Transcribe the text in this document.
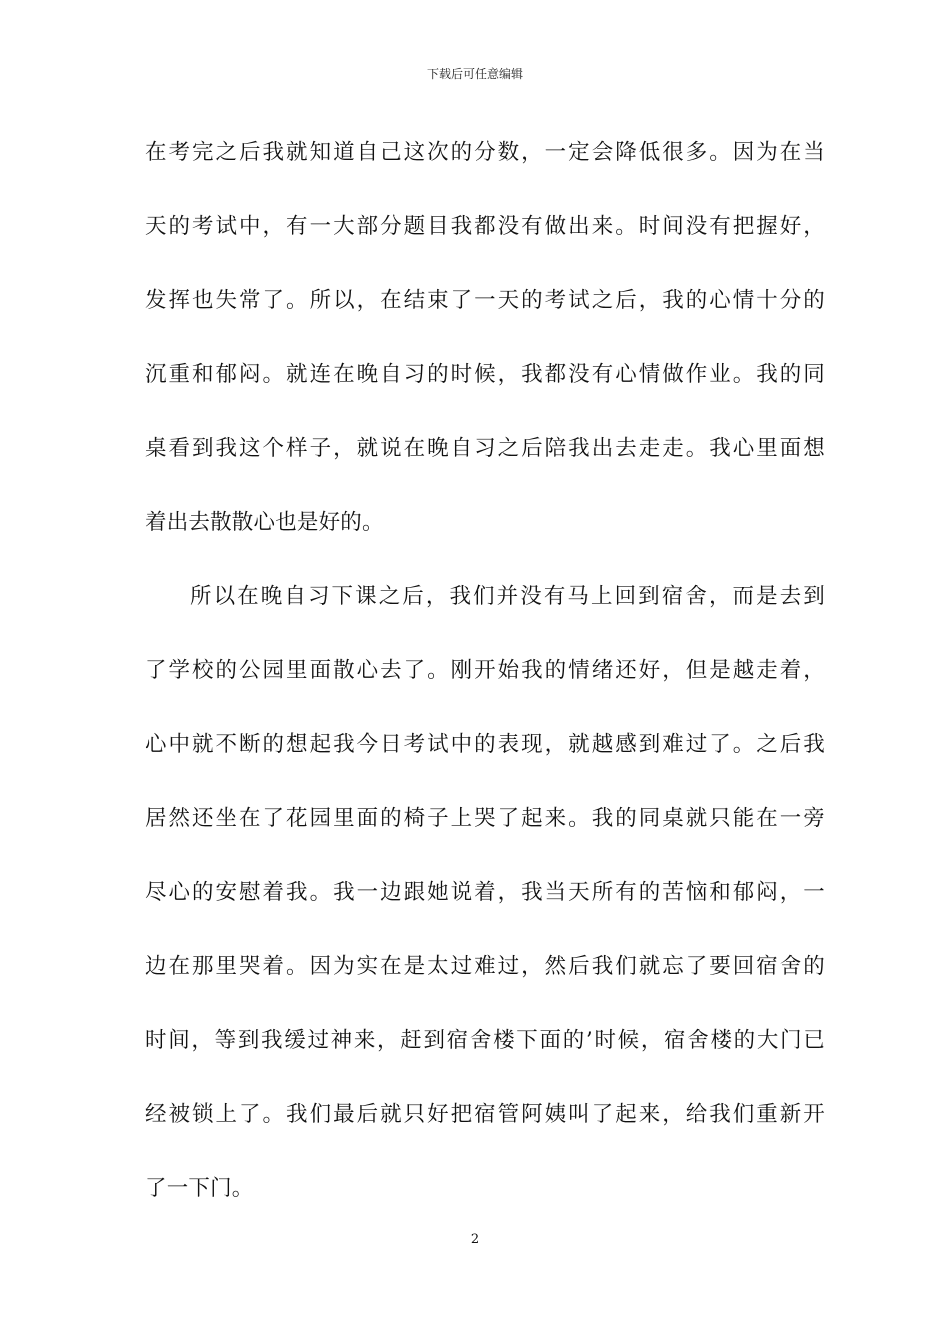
下载后可任意编辑
在考完之后我就知道自己这次的分数，一定会降低很多。因为在当
天的考试中，有一大部分题目我都没有做出来。时间没有把握好，
发挥也失常了。所以，在结束了一天的考试之后，我的心情十分的
沉重和郁闷。就连在晚自习的时候，我都没有心情做作业。我的同
桌看到我这个样子，就说在晚自习之后陪我出去走走。我心里面想
着出去散散心也是好的。
所以在晚自习下课之后，我们并没有马上回到宿舍，而是去到
了学校的公园里面散心去了。刚开始我的情绪还好，但是越走着，
心中就不断的想起我今日考试中的表现，就越感到难过了。之后我
居然还坐在了花园里面的椅子上哭了起来。我的同桌就只能在一旁
尽心的安慰着我。我一边跟她说着，我当天所有的苦恼和郁闷，一
边在那里哭着。因为实在是太过难过，然后我们就忘了要回宿舍的
时间，等到我缓过神来，赶到宿舍楼下面的’时候，宿舍楼的大门已
经被锁上了。我们最后就只好把宿管阿姨叫了起来，给我们重新开
了一下门。
2
